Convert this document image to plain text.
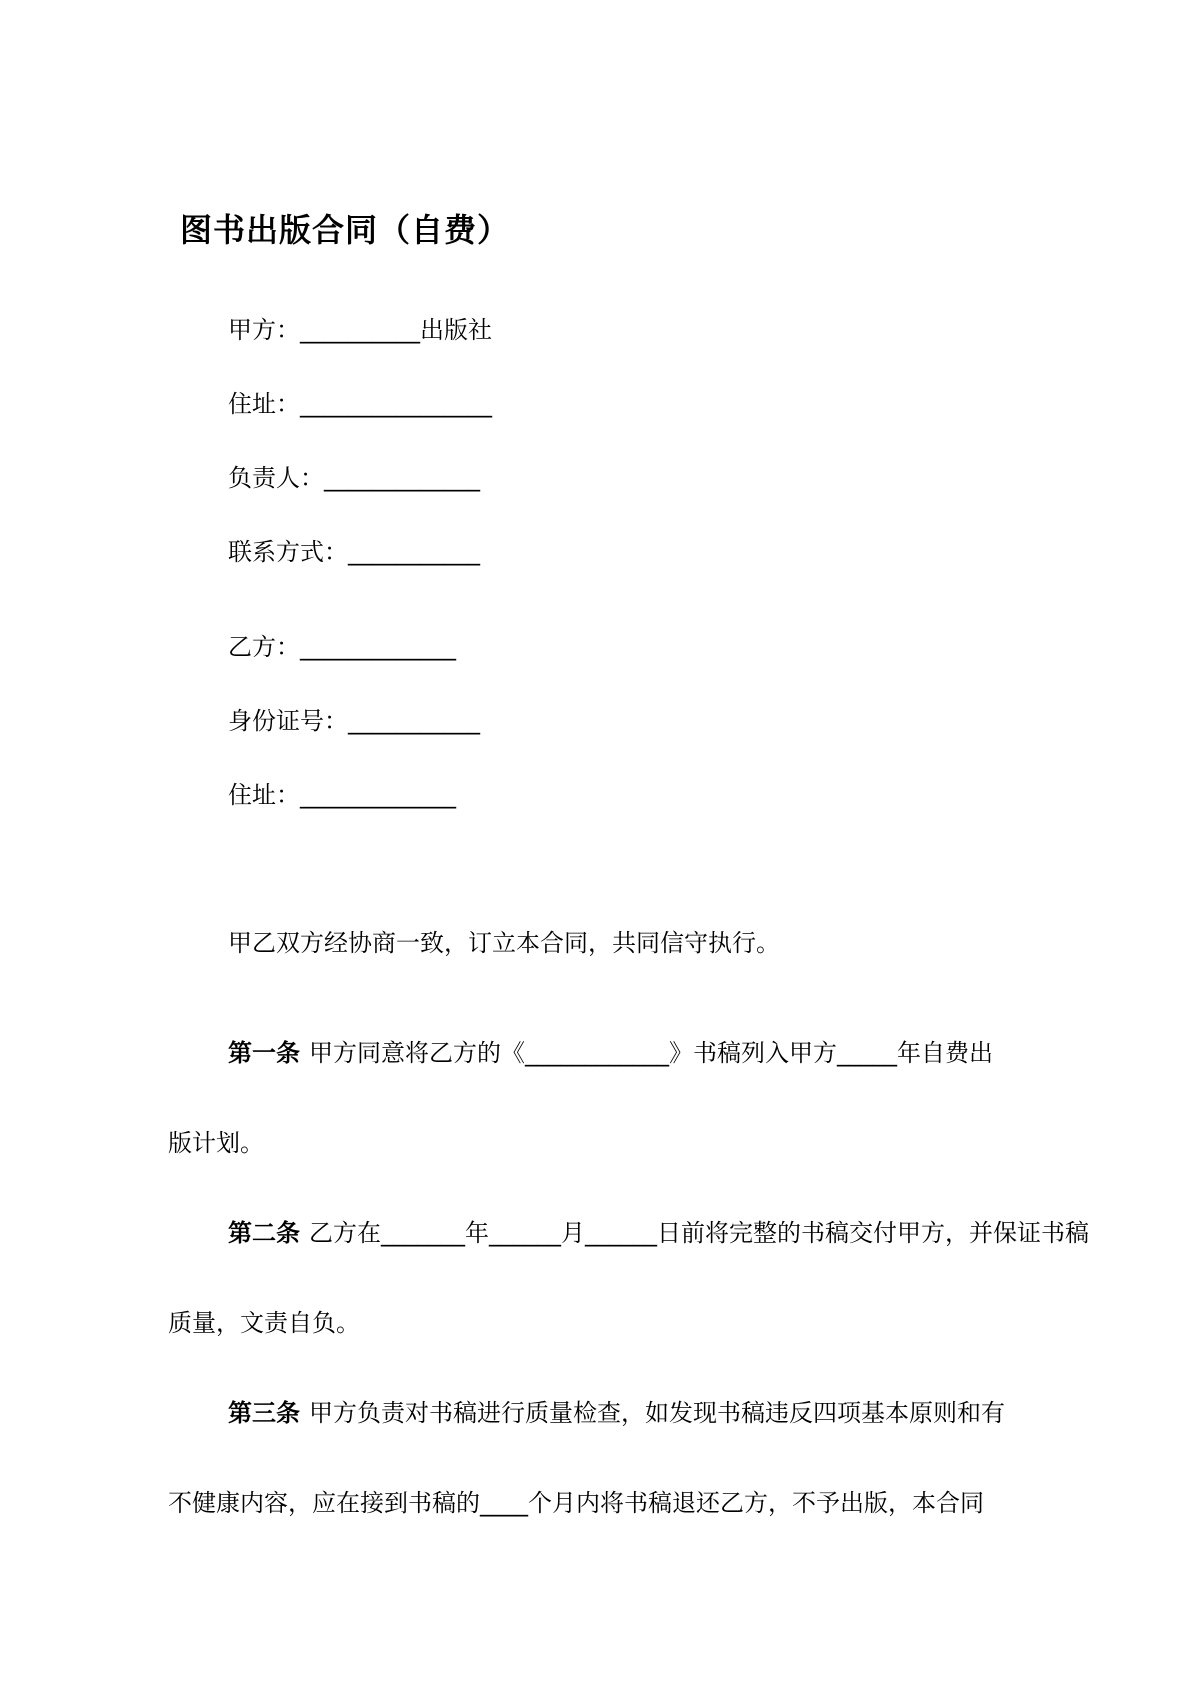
图书出版合同（自费）
甲方：__________出版社
住址：________________
负责人：_____________
联系方式：___________
乙方：_____________
身份证号：___________
住址：_____________
甲乙双方经协商一致，订立本合同，共同信守执行。
第一条 甲方同意将乙方的《____________》书稿列入甲方_____年自费出
版计划。
第二条 乙方在_______年______月______日前将完整的书稿交付甲方，并保证书稿
质量，文责自负。
第三条 甲方负责对书稿进行质量检查，如发现书稿违反四项基本原则和有
不健康内容，应在接到书稿的____个月内将书稿退还乙方，不予出版，本合同
